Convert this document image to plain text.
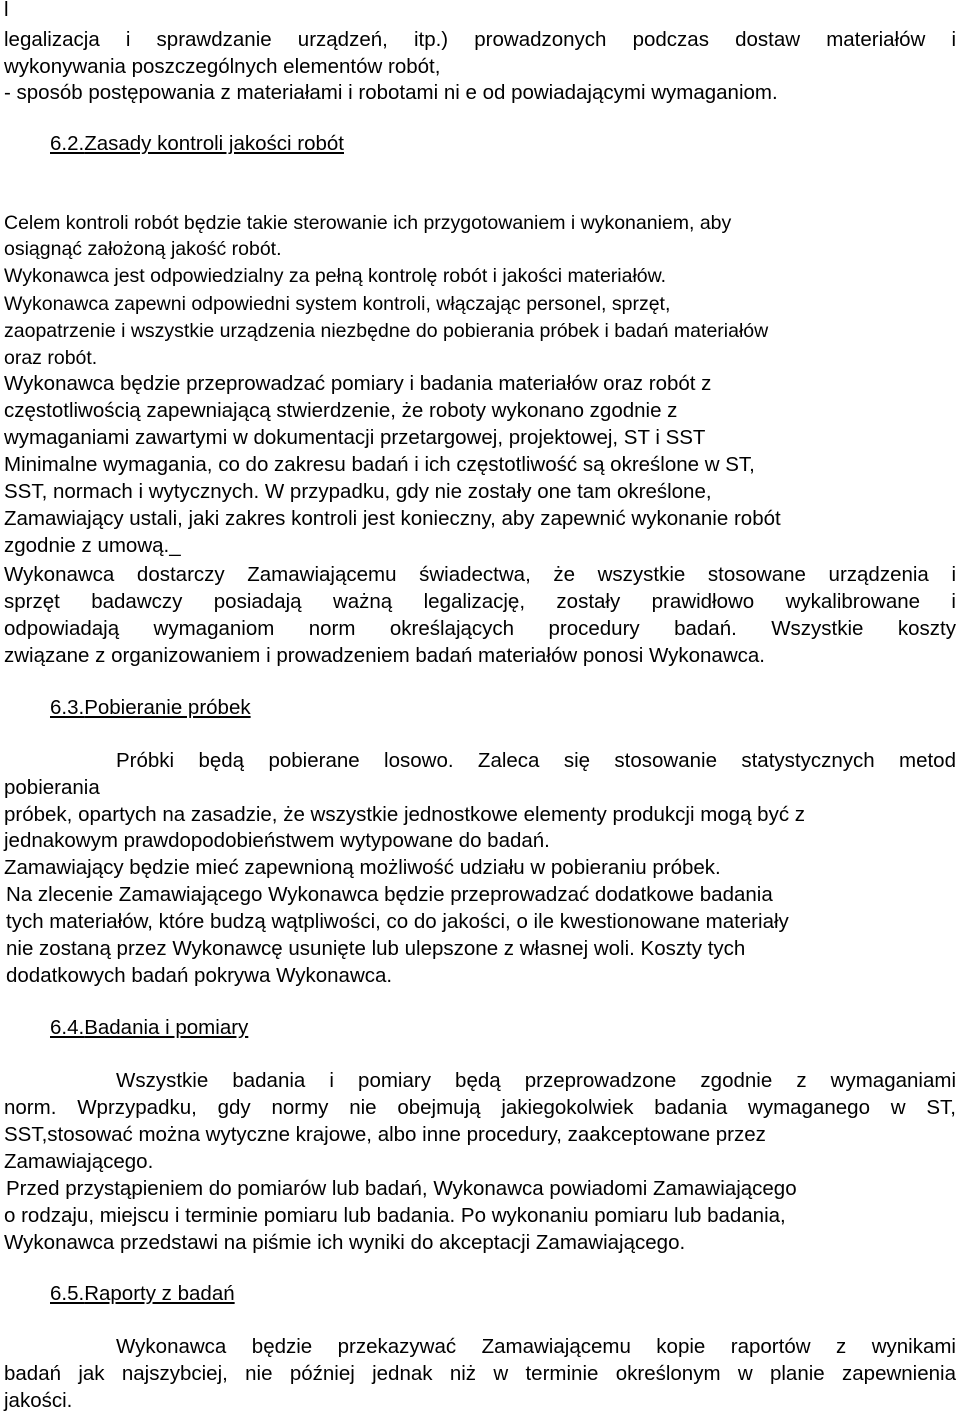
l
legalizacja i sprawdzanie urządzeń, itp.) prowadzonych podczas dostaw materiałów i
wykonywania poszczególnych elementów robót,
- sposób postępowania z materiałami i robotami ni e od powiadającymi wymaganiom.
6.2.Zasady kontroli jakości robót
Celem kontroli robót będzie takie sterowanie ich przygotowaniem i wykonaniem, aby
osiągnąć założoną jakość robót.
Wykonawca jest odpowiedzialny za pełną kontrolę robót i jakości materiałów.
Wykonawca zapewni odpowiedni system kontroli, włączając personel, sprzęt,
zaopatrzenie i wszystkie urządzenia niezbędne do pobierania próbek i badań materiałów
oraz robót.
Wykonawca będzie przeprowadzać pomiary i badania materiałów oraz robót z
częstotliwością zapewniającą stwierdzenie, że roboty wykonano zgodnie z
wymaganiami zawartymi w dokumentacji przetargowej, projektowej, ST i SST
Minimalne wymagania, co do zakresu badań i ich częstotliwość są określone w ST,
SST, normach i wytycznych. W przypadku, gdy nie zostały one tam określone,
Zamawiający ustali, jaki zakres kontroli jest konieczny, aby zapewnić wykonanie robót
zgodnie z umową._
Wykonawca dostarczy Zamawiającemu świadectwa, że wszystkie stosowane urządzenia i
sprzęt badawczy posiadają ważną legalizację, zostały prawidłowo wykalibrowane i
odpowiadają wymaganiom norm określających procedury badań. Wszystkie koszty
związane z organizowaniem i prowadzeniem badań materiałów ponosi Wykonawca.
6.3.Pobieranie próbek
Próbki będą pobierane losowo. Zaleca się stosowanie statystycznych metod
pobierania
próbek, opartych na zasadzie, że wszystkie jednostkowe elementy produkcji mogą być z
jednakowym prawdopodobieństwem wytypowane do badań.
Zamawiający będzie mieć zapewnioną możliwość udziału w pobieraniu próbek.
Na zlecenie Zamawiającego Wykonawca będzie przeprowadzać dodatkowe badania
tych materiałów, które budzą wątpliwości, co do jakości, o ile kwestionowane materiały
nie zostaną przez Wykonawcę usunięte lub ulepszone z własnej woli. Koszty tych
dodatkowych badań pokrywa Wykonawca.
6.4.Badania i pomiary
Wszystkie badania i pomiary będą przeprowadzone zgodnie z wymaganiami
norm. Wprzypadku, gdy normy nie obejmują jakiegokolwiek badania wymaganego w ST,
SST,stosować można wytyczne krajowe, albo inne procedury, zaakceptowane przez
Zamawiającego.
Przed przystąpieniem do pomiarów lub badań, Wykonawca powiadomi Zamawiającego
o rodzaju, miejscu i terminie pomiaru lub badania. Po wykonaniu pomiaru lub badania,
Wykonawca przedstawi na piśmie ich wyniki do akceptacji Zamawiającego.
6.5.Raporty z badań
Wykonawca będzie przekazywać Zamawiającemu kopie raportów z wynikami
badań jak najszybciej, nie później jednak niż w terminie określonym w planie zapewnienia
jakości.
